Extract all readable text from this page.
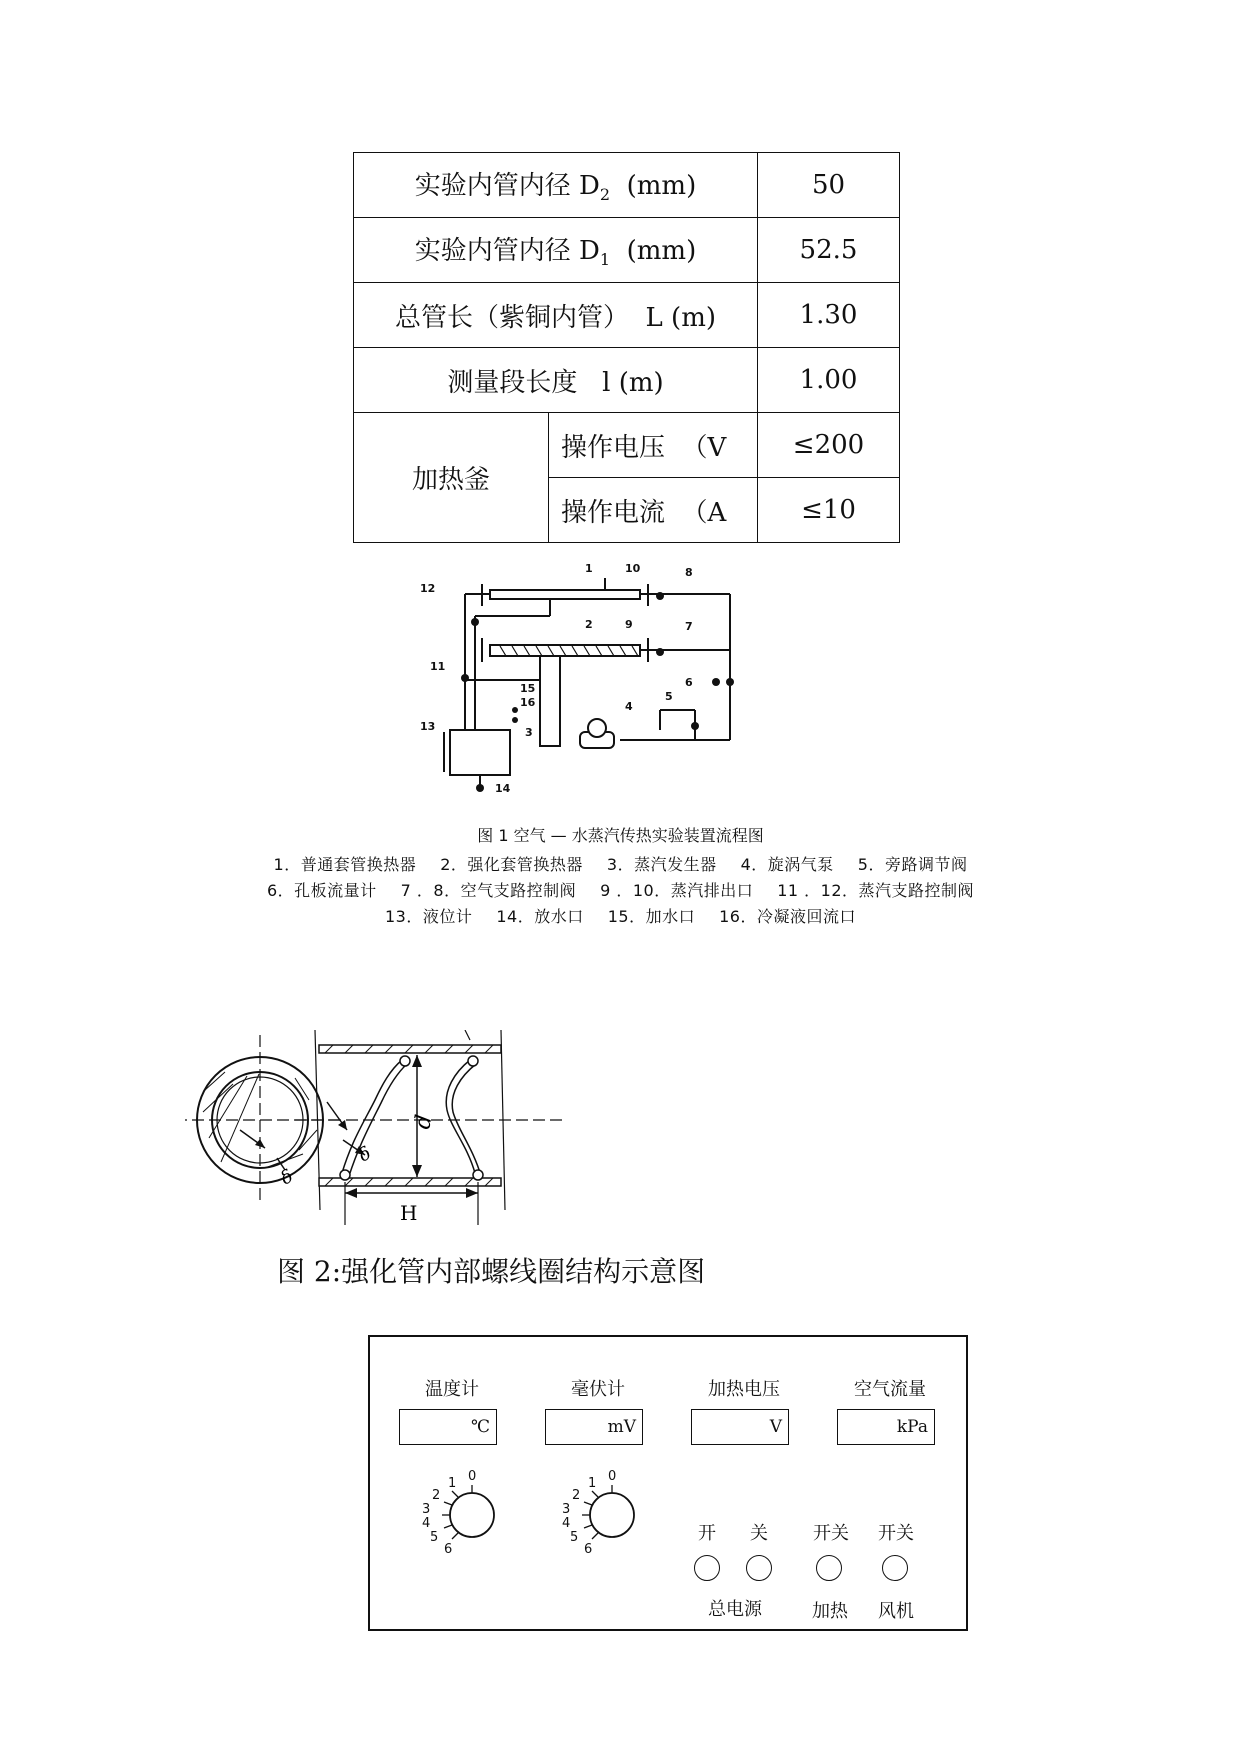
实验内管内径 $D_2$  (mm)		50
实验内管内径 $D_1$  (mm)		52.5
总管长（紫铜内管）  L (m)		1.30
测量段长度   l (m)		1.00
加热釜	操作电压  （V	≤200
	操作电流  （A	≤10
1	10	8
12
2	9	7
11
15
16
6
4
5
13	3
14
图 1 空气 — 水蒸汽传热实验装置流程图
1．普通套管换热器 2．强化套管换热器 3．蒸汽发生器 4．旋涡气泵 5．旁路调节阀
6．孔板流量计 7 ．8．空气支路控制阀 9 ．10．蒸汽排出口 11 ．12．蒸汽支路控制阀
13．液位计 14．放水口 15．加水口 16．冷凝液回流口
δ
d
δ
H
图 2:强化管内部螺线圈结构示意图
温度计	毫伏计	加热电压	空气流量
℃	mV	V	kPa
0
1
2
3
4
5
6
0
1
2
3
4
5
6
开 关	开关 开关
总电源	加热 风机
